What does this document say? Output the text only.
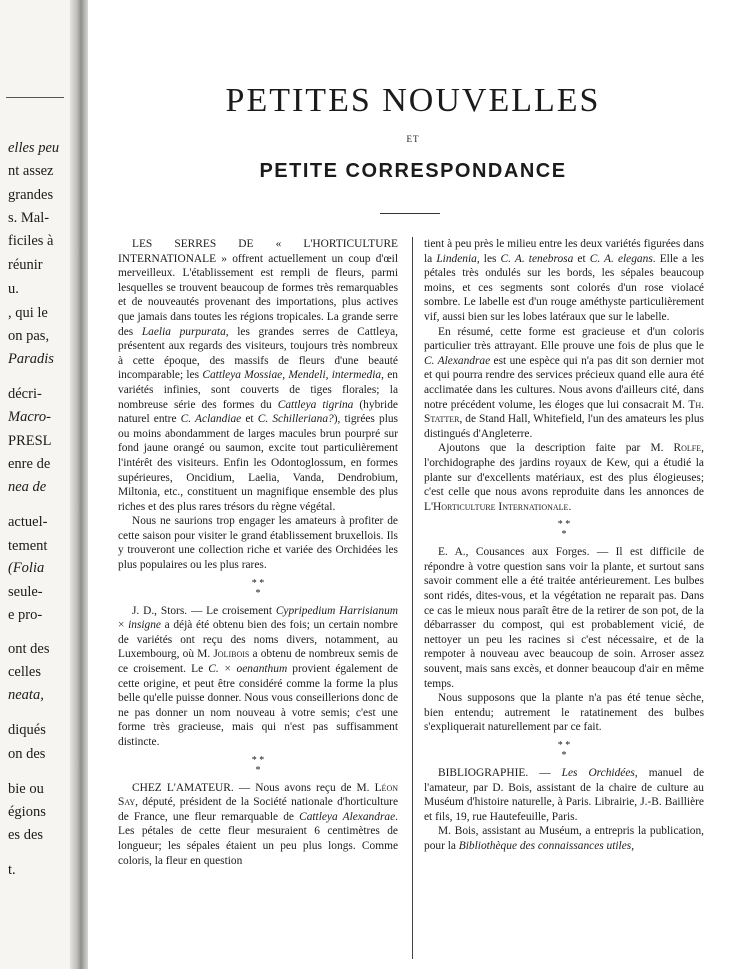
elles peu
nt assez
grandes
s. Mal-
ficiles à
réunir
u.
, qui le
on pas,
Paradis
décri-
Macro-
PRESL
enre de
nea de
actuel-
tement
(Folia
seule-
e pro-
ont des
celles
neata,
diqués
on des
bie ou
égions
es des
t.
PETITES NOUVELLES
ET
PETITE CORRESPONDANCE

LES SERRES DE « L'HORTICULTURE INTERNATIONALE » offrent actuellement un coup d'œil merveilleux. L'établissement est rempli de fleurs, parmi lesquelles se trouvent beaucoup de formes très remarquables et de nouveautés provenant des importations, plus actives que jamais dans toutes les régions tropicales. La grande serre des Laelia purpurata, les grandes serres de Cattleya, présentent aux regards des visiteurs, toujours très nombreux à cette époque, des massifs de fleurs d'une beauté incomparable; les Cattleya Mossiae, Mendeli, intermedia, en variétés infinies, sont couverts de tiges florales; la nombreuse série des formes du Cattleya tigrina (hybride naturel entre C. Aclandiae et C. Schilleriana?), tigrées plus ou moins abondamment de larges macules brun pourpré sur fond jaune orangé ou saumon, excite tout particulièrement l'intérêt des visiteurs. Enfin les Odontoglossum, en formes supérieures, Oncidium, Laelia, Vanda, Dendrobium, Miltonia, etc., constituent un magnifique ensemble des plus riches et des plus rares trésors du règne végétal.

Nous ne saurions trop engager les amateurs à profiter de cette saison pour visiter le grand établissement bruxellois. Ils y trouveront une collection riche et variée des Orchidées les plus populaires ou les plus rares.

* *
*

J. D., Stors. — Le croisement Cypripedium Harrisianum × insigne a déjà été obtenu bien des fois; un certain nombre de variétés ont reçu des noms divers, notamment, au Luxembourg, où M. Jolibois a obtenu de nombreux semis de ce croisement. Le C. × oenanthum provient également de cette origine, et peut être considéré comme la forme la plus belle qu'elle puisse donner. Nous vous conseillerions donc de ne pas donner un nom nouveau à votre semis; c'est une forme très gracieuse, mais qui n'est pas suffisamment distincte.

* *
*

CHEZ L'AMATEUR. — Nous avons reçu de M. Léon Say, député, président de la Société nationale d'horticulture de France, une fleur remarquable de Cattleya Alexandrae. Les pétales de cette fleur mesuraient 6 centimètres de longueur; les sépales étaient un peu plus longs. Comme coloris, la fleur en question

tient à peu près le milieu entre les deux variétés figurées dans la Lindenia, les C. A. tenebrosa et C. A. elegans. Elle a les pétales très ondulés sur les bords, les sépales beaucoup moins, et ces segments sont colorés d'un rose violacé sombre. Le labelle est d'un rouge améthyste particulièrement vif, aussi bien sur les lobes latéraux que sur le labelle.

En résumé, cette forme est gracieuse et d'un coloris particulier très attrayant. Elle prouve une fois de plus que le C. Alexandrae est une espèce qui n'a pas dit son dernier mot et qui pourra rendre des services précieux quand elle aura été acclimatée dans les cultures. Nous avons d'ailleurs cité, dans notre précédent volume, les éloges que lui consacrait M. Th. Statter, de Stand Hall, Whitefield, l'un des amateurs les plus distingués d'Angleterre.

Ajoutons que la description faite par M. Rolfe, l'orchidographe des jardins royaux de Kew, qui a étudié la plante sur d'excellents matériaux, est des plus élogieuses; c'est celle que nous avons reproduite dans les annonces de L'Horticulture Internationale.

* *
*

E. A., Cousances aux Forges. — Il est difficile de répondre à votre question sans voir la plante, et surtout sans savoir comment elle a été traitée antérieurement. Les bulbes sont ridés, dites-vous, et la végétation ne reparait pas. Dans ce cas le mieux nous paraît être de la retirer de son pot, de la débarrasser du compost, qui est probablement vicié, de nettoyer un peu les racines si c'est nécessaire, et de la rempoter à nouveau avec beaucoup de soin. Arroser assez souvent, mais sans excès, et donner beaucoup d'air en même temps.

Nous supposons que la plante n'a pas été tenue sèche, bien entendu; autrement le ratatinement des bulbes s'expliquerait naturellement par ce fait.

* *
*

BIBLIOGRAPHIE. — Les Orchidées, manuel de l'amateur, par D. Bois, assistant de la chaire de culture au Muséum d'histoire naturelle, à Paris. Librairie, J.-B. Baillière et fils, 19, rue Hautefeuille, Paris.

M. Bois, assistant au Muséum, a entrepris la publication, pour la Bibliothèque des connaissances utiles,
